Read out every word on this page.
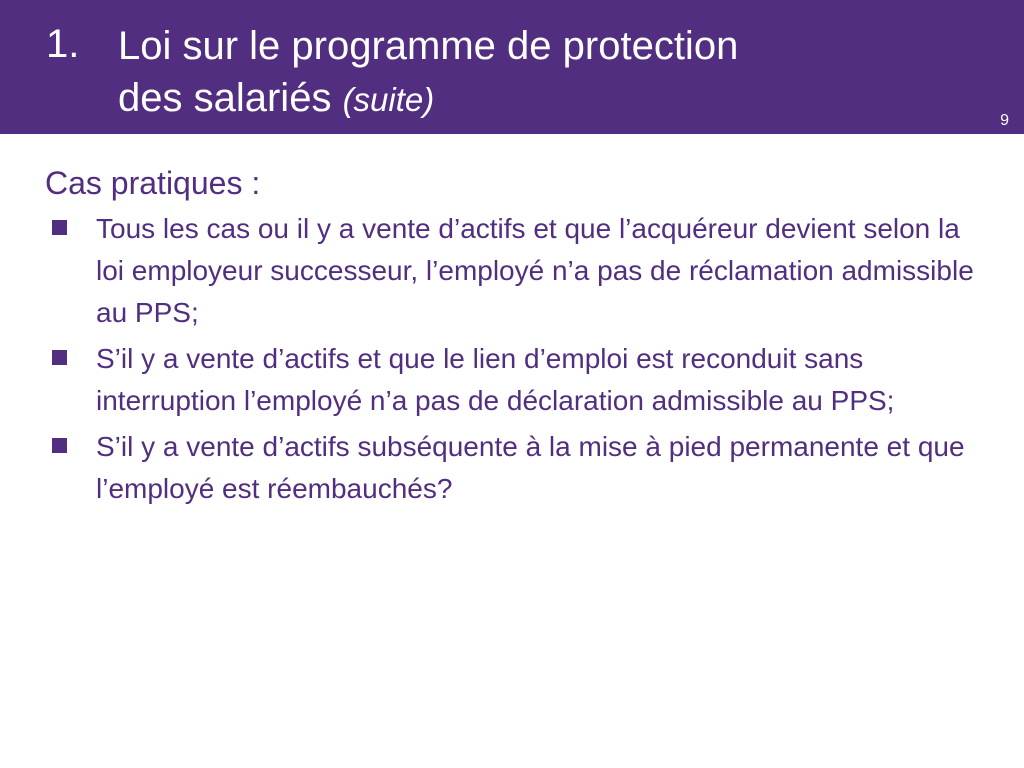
1. Loi sur le programme de protection
des salariés (suite)
9

Cas pratiques :

Tous les cas ou il y a vente d’actifs et que l’acquéreur devient selon la loi employeur successeur, l’employé n’a pas de réclamation admissible au PPS;
S’il y a vente d’actifs et que le lien d’emploi est reconduit sans interruption l’employé n’a pas de déclaration admissible au PPS;
S’il y a vente d’actifs subséquente à la mise à pied permanente et que l’employé est réembauchés?
